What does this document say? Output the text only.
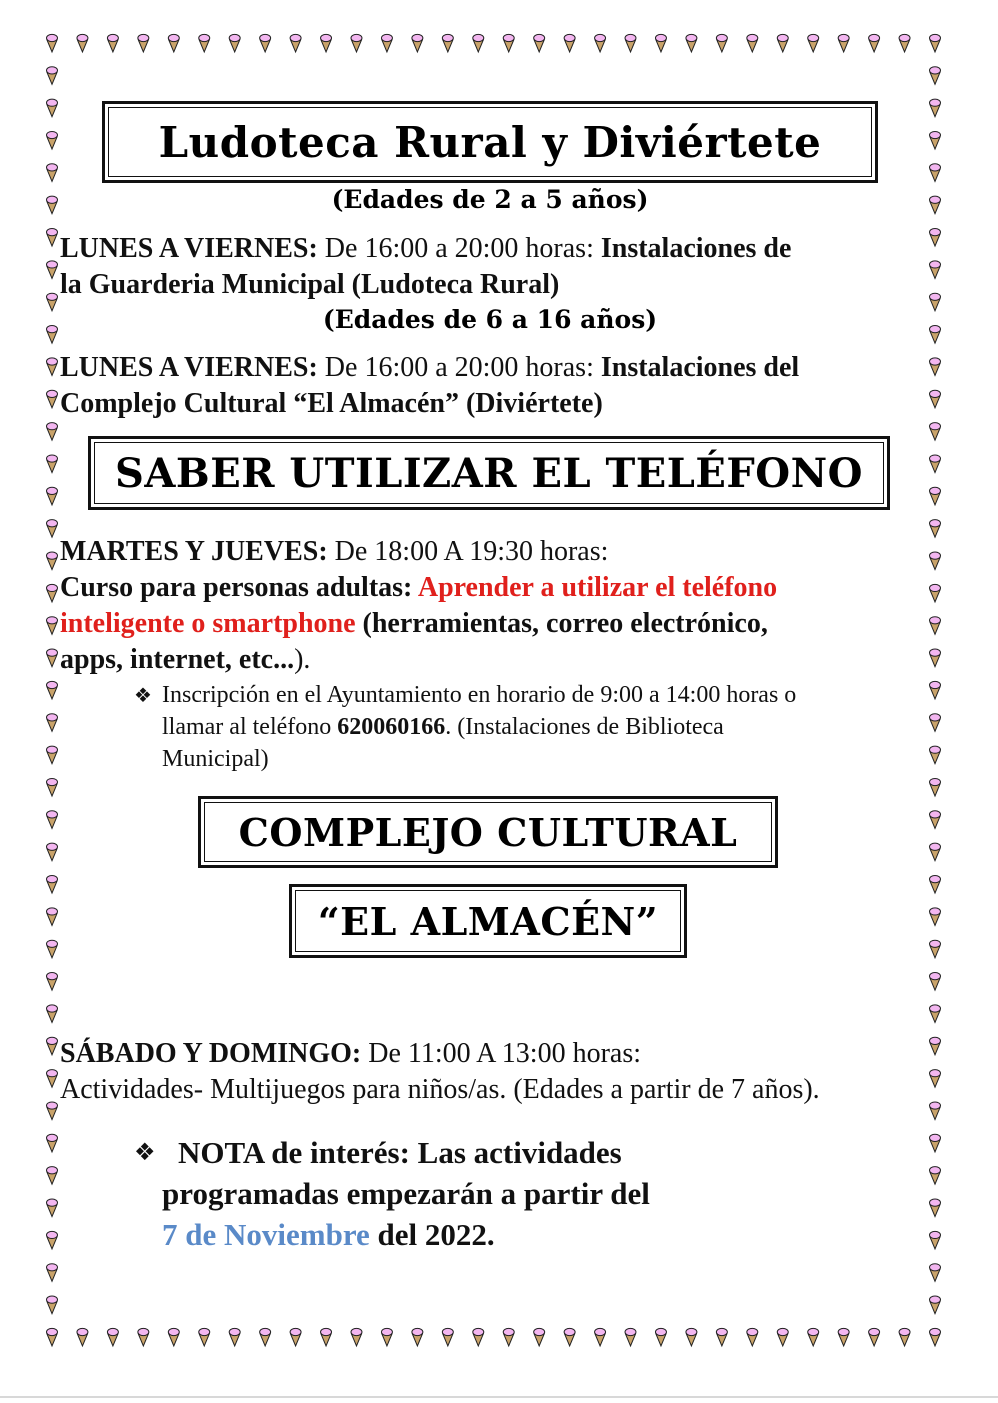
Ludoteca Rural y Diviértete
(Edades de 2 a 5 años)
LUNES A VIERNES: De 16:00 a 20:00 horas: Instalaciones de
la Guarderia Municipal (Ludoteca Rural)
(Edades de 6 a 16 años)
LUNES A VIERNES: De 16:00 a 20:00 horas: Instalaciones del
Complejo Cultural “El Almacén” (Diviértete)
SABER UTILIZAR EL TELÉFONO
MARTES Y JUEVES: De 18:00 A 19:30 horas:
Curso para personas adultas: Aprender a utilizar el teléfono
inteligente o smartphone (herramientas, correo electrónico,
apps, internet, etc...).
❖ Inscripción en el Ayuntamiento en horario de 9:00 a 14:00 horas o
llamar al teléfono 620060166. (Instalaciones de Biblioteca
Municipal)
COMPLEJO CULTURAL
“EL ALMACÉN”
SÁBADO Y DOMINGO: De 11:00 A 13:00 horas:
Actividades- Multijuegos para niños/as. (Edades a partir de 7 años).
❖ NOTA de interés: Las actividades
programadas empezarán a partir del
7 de Noviembre del 2022.
